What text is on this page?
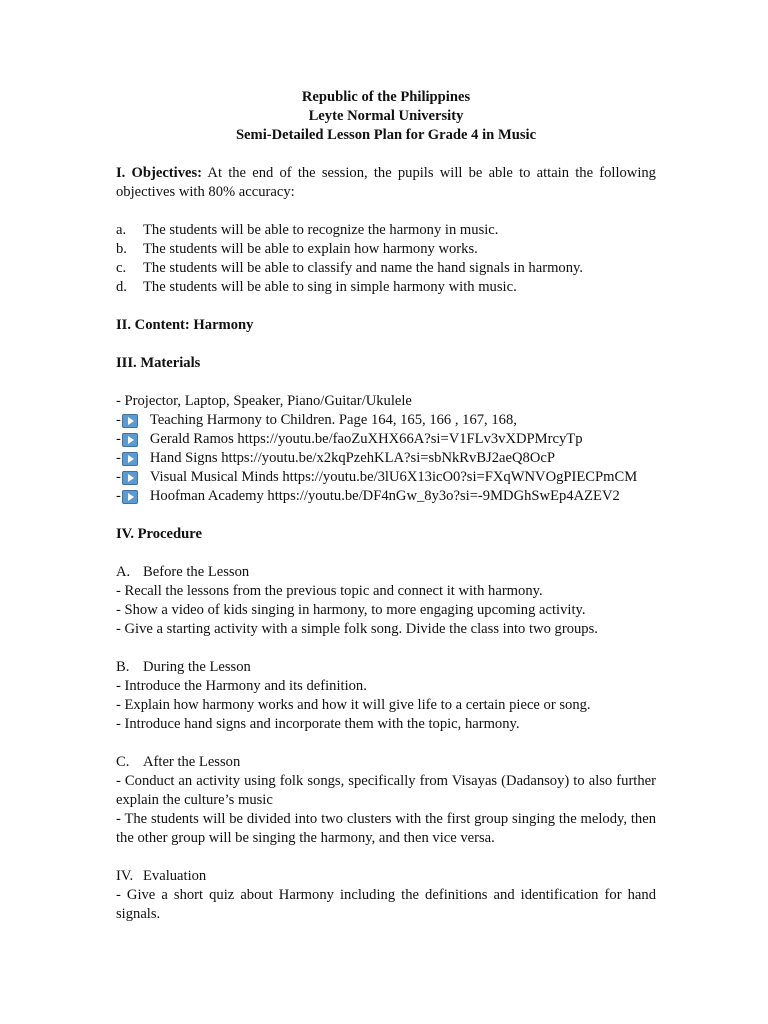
Republic of the Philippines
Leyte Normal University
Semi-Detailed Lesson Plan for Grade 4 in Music
I. Objectives: At the end of the session, the pupils will be able to attain the following objectives with 80% accuracy:
a.	The students will be able to recognize the harmony in music.
b.	The students will be able to explain how harmony works.
c.	The students will be able to classify and name the hand signals in harmony.
d.	The students will be able to sing in simple harmony with music.
II. Content: Harmony
III. Materials
- Projector, Laptop, Speaker, Piano/Guitar/Ukulele
- Teaching Harmony to Children. Page 164, 165, 166 , 167, 168,
- Gerald Ramos https://youtu.be/faoZuXHX66A?si=V1FLv3vXDPMrcyTp
- Hand Signs https://youtu.be/x2kqPzehKLA?si=sbNkRvBJ2aeQ8OcP
- Visual Musical Minds https://youtu.be/3lU6X13icO0?si=FXqWNVOgPIECPmCM
- Hoofman Academy https://youtu.be/DF4nGw_8y3o?si=-9MDGhSwEp4AZEV2
IV. Procedure
A. Before the Lesson
- Recall the lessons from the previous topic and connect it with harmony.
- Show a video of kids singing in harmony, to more engaging upcoming activity.
- Give a starting activity with a simple folk song. Divide the class into two groups.
B. During the Lesson
- Introduce the Harmony and its definition.
- Explain how harmony works and how it will give life to a certain piece or song.
- Introduce hand signs and incorporate them with the topic, harmony.
C. After the Lesson
- Conduct an activity using folk songs, specifically from Visayas (Dadansoy) to also further explain the culture’s music
- The students will be divided into two clusters with the first group singing the melody, then the other group will be singing the harmony, and then vice versa.
IV. Evaluation
- Give a short quiz about Harmony including the definitions and identification for hand signals.
